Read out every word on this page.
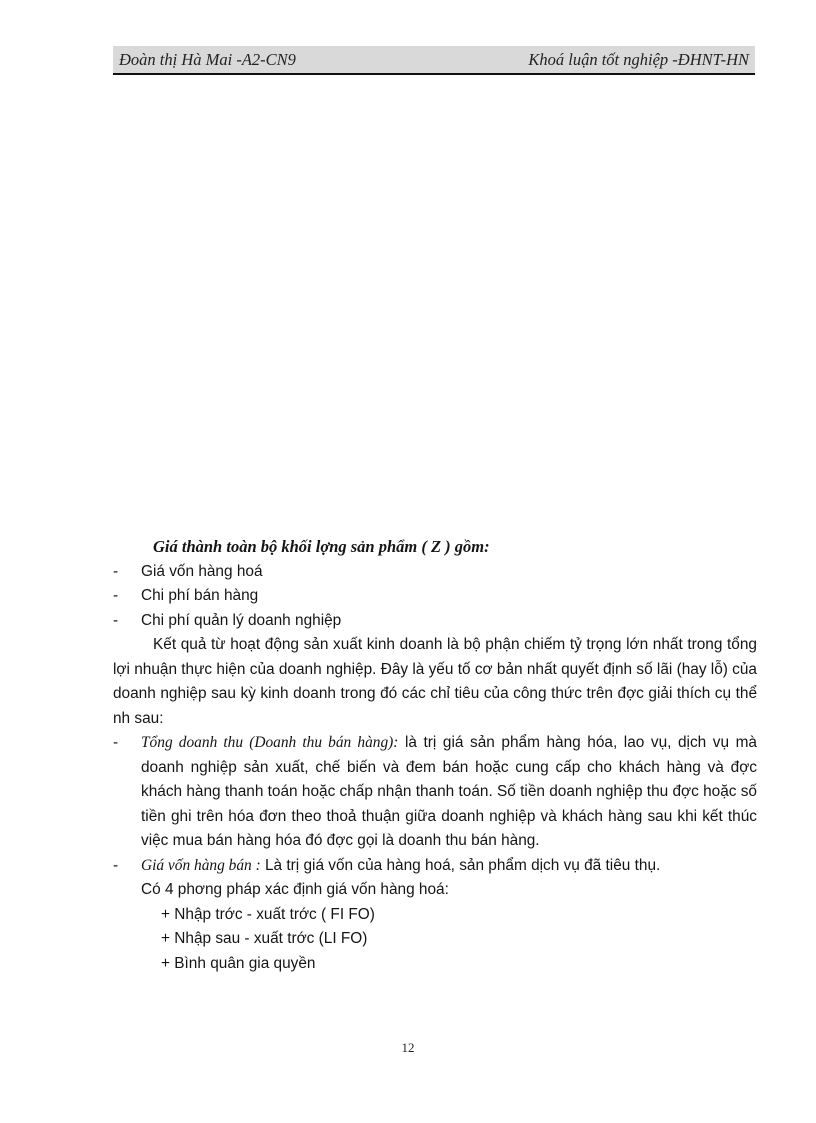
Đoàn thị Hà Mai -A2-CN9	Khoá luận tốt nghiệp -ĐHNT-HN

Giá thành toàn bộ khối lợng sản phẩm ( Z ) gồm:

-	Giá vốn hàng hoá
-	Chi phí bán hàng
-	Chi phí quản lý doanh nghiệp

Kết quả từ hoạt động sản xuất kinh doanh là bộ phận chiếm tỷ trọng lớn nhất trong tổng lợi nhuận thực hiện của doanh nghiệp. Đây là yếu tố cơ bản nhất quyết định số lãi (hay lỗ) của doanh nghiệp sau kỳ kinh doanh trong đó các chỉ tiêu của công thức trên đợc giải thích cụ thể nh sau:

-	Tổng doanh thu (Doanh thu bán hàng): là trị giá sản phẩm hàng hóa, lao vụ, dịch vụ mà doanh nghiệp sản xuất, chế biến và đem bán hoặc cung cấp cho khách hàng và đợc khách hàng thanh toán hoặc chấp nhận thanh toán. Số tiền doanh nghiệp thu đợc hoặc số tiền ghi trên hóa đơn theo thoả thuận giữa doanh nghiệp và khách hàng sau khi kết thúc việc mua bán hàng hóa đó đợc gọi là doanh thu bán hàng.
-	Giá vốn hàng bán : Là trị giá vốn của hàng hoá, sản phẩm dịch vụ đã tiêu thụ.

Có 4 phơng pháp xác định giá vốn hàng hoá:

+ Nhập trớc - xuất trớc ( FI FO)

+ Nhập sau - xuất trớc (LI FO)

+ Bình quân gia quyền

12
